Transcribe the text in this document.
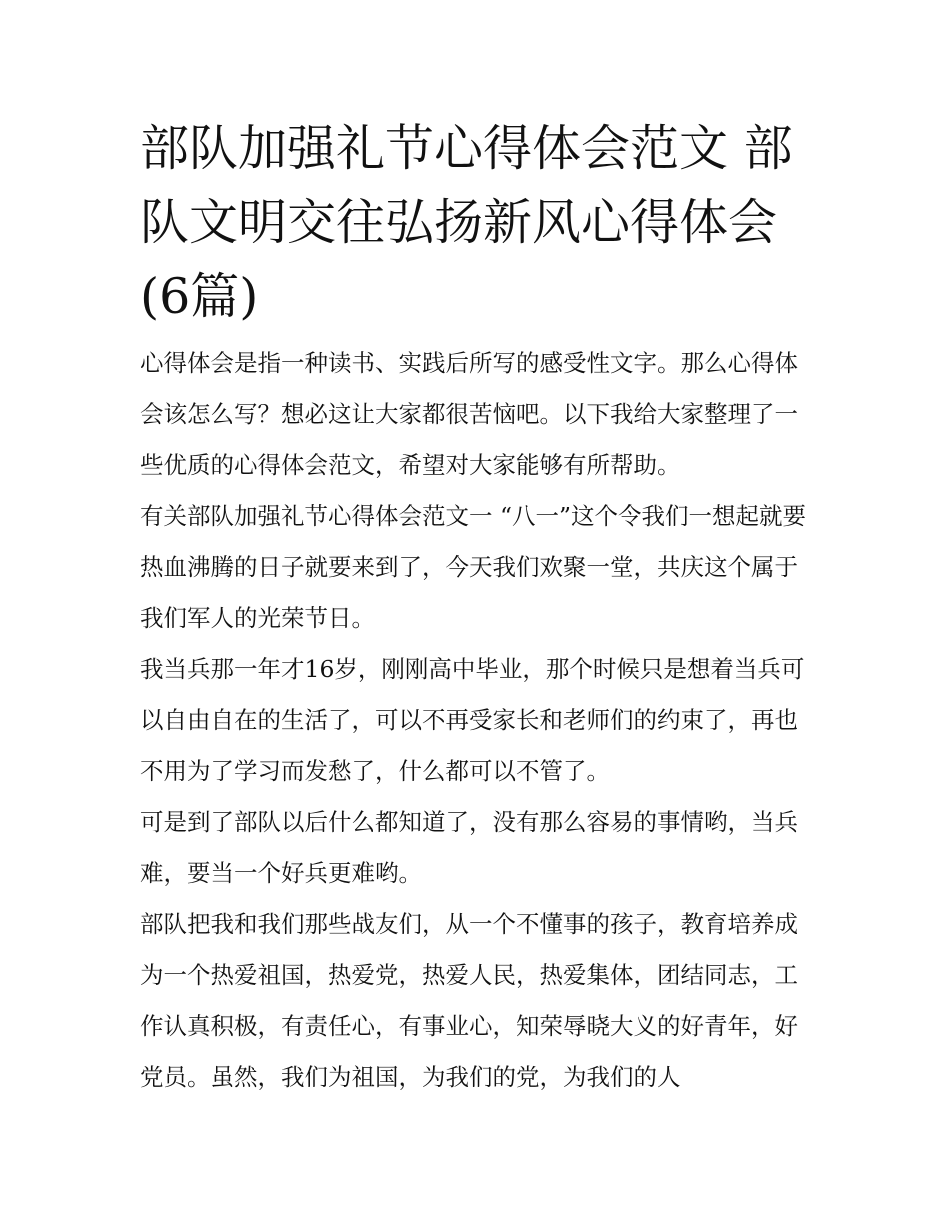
部队加强礼节心得体会范文 部队文明交往弘扬新风心得体会(6篇)

心得体会是指一种读书、实践后所写的感受性文字。那么心得体会该怎么写？想必这让大家都很苦恼吧。以下我给大家整理了一些优质的心得体会范文，希望对大家能够有所帮助。

有关部队加强礼节心得体会范文一 “八一”这个令我们一想起就要热血沸腾的日子就要来到了，今天我们欢聚一堂，共庆这个属于我们军人的光荣节日。

我当兵那一年才16岁，刚刚高中毕业，那个时候只是想着当兵可以自由自在的生活了，可以不再受家长和老师们的约束了，再也不用为了学习而发愁了，什么都可以不管了。

可是到了部队以后什么都知道了，没有那么容易的事情哟，当兵难，要当一个好兵更难哟。

部队把我和我们那些战友们，从一个不懂事的孩子，教育培养成为一个热爱祖国，热爱党，热爱人民，热爱集体，团结同志，工作认真积极，有责任心，有事业心，知荣辱晓大义的好青年，好党员。虽然，我们为祖国，为我们的党，为我们的人
